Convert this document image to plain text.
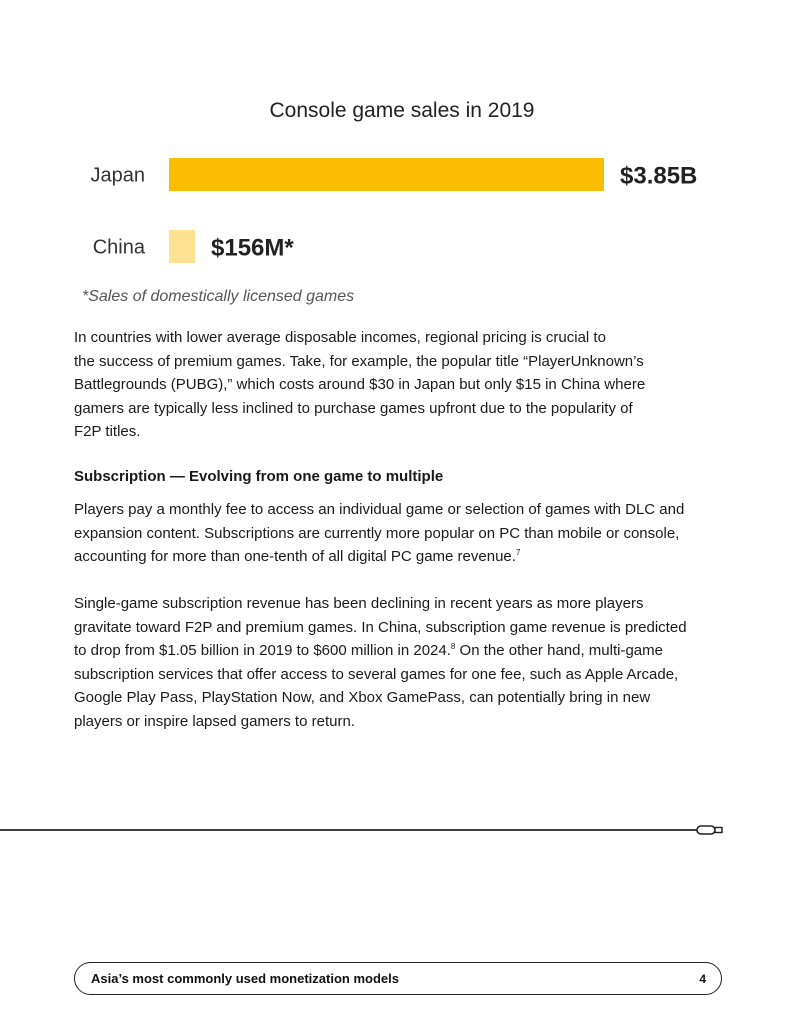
Console game sales in 2019
Japan	$3.85B
China	$156M*
*Sales of domestically licensed games

In countries with lower average disposable incomes, regional pricing is crucial to
the success of premium games. Take, for example, the popular title “PlayerUnknown’s
Battlegrounds (PUBG),” which costs around $30 in Japan but only $15 in China where
gamers are typically less inclined to purchase games upfront due to the popularity of
F2P titles.

Subscription — Evolving from one game to multiple

Players pay a monthly fee to access an individual game or selection of games with DLC and
expansion content. Subscriptions are currently more popular on PC than mobile or console,
accounting for more than one-tenth of all digital PC game revenue.$^7$

Single-game subscription revenue has been declining in recent years as more players
gravitate toward F2P and premium games. In China, subscription game revenue is predicted
to drop from $1.05 billion in 2019 to $600 million in 2024.$^8$ On the other hand, multi-game
subscription services that offer access to several games for one fee, such as Apple Arcade,
Google Play Pass, PlayStation Now, and Xbox GamePass, can potentially bring in new
players or inspire lapsed gamers to return.

Asia’s most commonly used monetization models	4
